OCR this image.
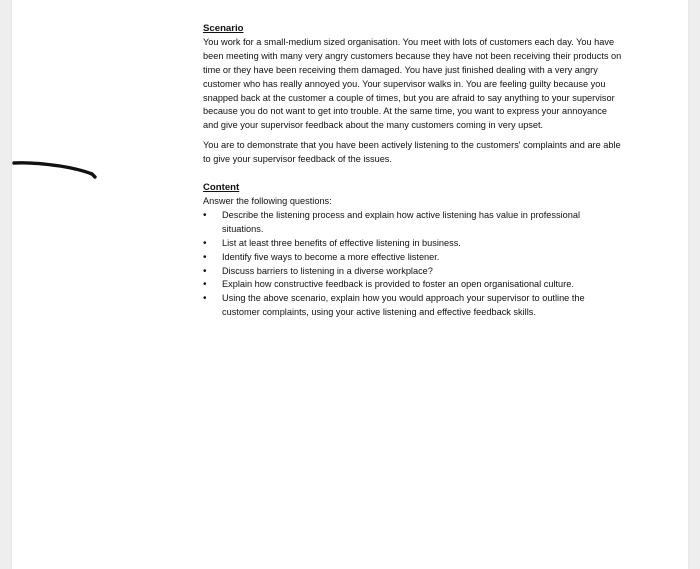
Scenario

You work for a small-medium sized organisation. You meet with lots of customers each day. You have been meeting with many very angry customers because they have not been receiving their products on time or they have been receiving them damaged. You have just finished dealing with a very angry customer who has really annoyed you. Your supervisor walks in. You are feeling guilty because you snapped back at the customer a couple of times, but you are afraid to say anything to your supervisor because you do not want to get into trouble. At the same time, you want to express your annoyance and give your supervisor feedback about the many customers coming in very upset.

You are to demonstrate that you have been actively listening to the customers' complaints and are able to give your supervisor feedback of the issues.

Content

Answer the following questions:

• Describe the listening process and explain how active listening has value in professional situations.
• List at least three benefits of effective listening in business.
• Identify five ways to become a more effective listener.
• Discuss barriers to listening in a diverse workplace?
• Explain how constructive feedback is provided to foster an open organisational culture.
• Using the above scenario, explain how you would approach your supervisor to outline the customer complaints, using your active listening and effective feedback skills.
